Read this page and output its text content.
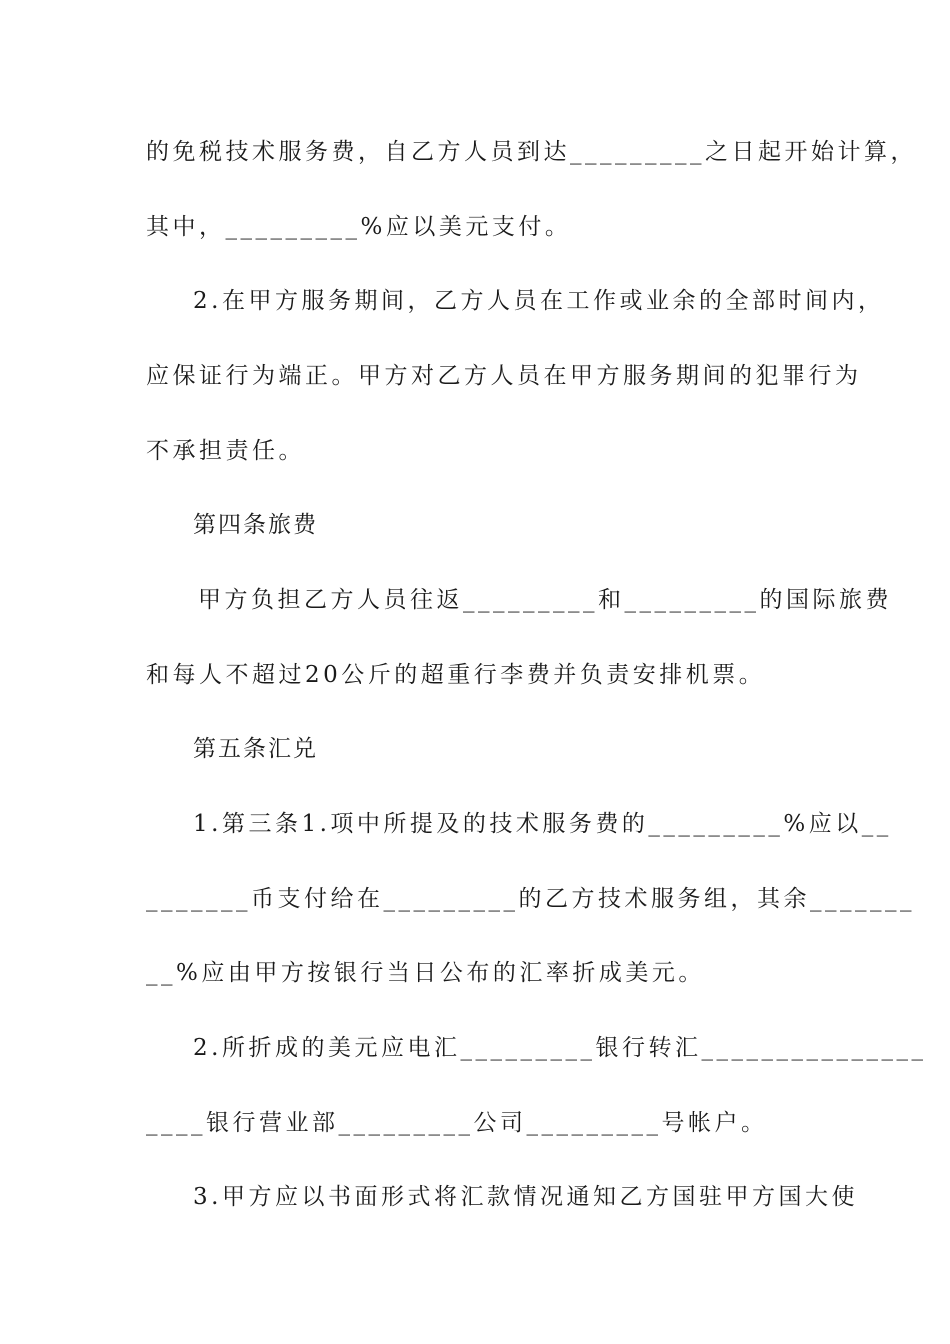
的免税技术服务费，自乙方人员到达_________之日起开始计算，
其中，_________%应以美元支付。
2.在甲方服务期间，乙方人员在工作或业余的全部时间内，
应保证行为端正。甲方对乙方人员在甲方服务期间的犯罪行为
不承担责任。
第四条旅费
甲方负担乙方人员往返_________和_________的国际旅费
和每人不超过20公斤的超重行李费并负责安排机票。
第五条汇兑
1.第三条1.项中所提及的技术服务费的_________%应以__
_______币支付给在_________的乙方技术服务组，其余_______
__%应由甲方按银行当日公布的汇率折成美元。
2.所折成的美元应电汇_________银行转汇_______________
____银行营业部_________公司_________号帐户。
3.甲方应以书面形式将汇款情况通知乙方国驻甲方国大使
